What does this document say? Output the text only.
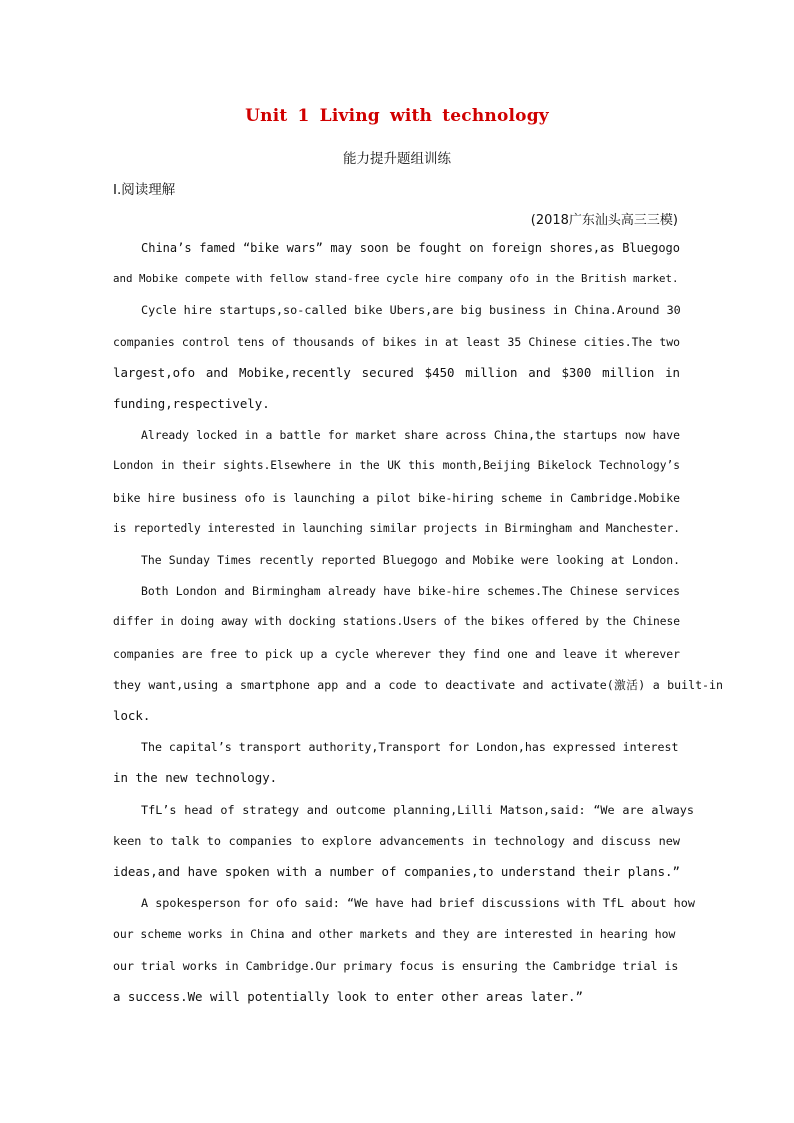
Unit 1 Living with technology
能力提升题组训练
Ⅰ.阅读理解
(2018广东汕头高三三模)
China’s famed “bike wars” may soon be fought on foreign shores,as Bluegogo
and Mobike compete with fellow stand-free cycle hire company ofo in the British market.
Cycle hire startups,so-called bike Ubers,are big business in China.Around 30
companies control tens of thousands of bikes in at least 35 Chinese cities.The two
largest,ofo and Mobike,recently secured $450 million and $300 million in
funding,respectively.
Already locked in a battle for market share across China,the startups now have
London in their sights.Elsewhere in the UK this month,Beijing Bikelock Technology’s
bike hire business ofo is launching a pilot bike-hiring scheme in Cambridge.Mobike
is reportedly interested in launching similar projects in Birmingham and Manchester.
The Sunday Times recently reported Bluegogo and Mobike were looking at London.
Both London and Birmingham already have bike-hire schemes.The Chinese services
differ in doing away with docking stations.Users of the bikes offered by the Chinese
companies are free to pick up a cycle wherever they find one and leave it wherever
they want,using a smartphone app and a code to deactivate and activate(激活) a built-in
lock.
The capital’s transport authority,Transport for London,has expressed interest
in the new technology.
TfL’s head of strategy and outcome planning,Lilli Matson,said: “We are always
keen to talk to companies to explore advancements in technology and discuss new
ideas,and have spoken with a number of companies,to understand their plans.”
A spokesperson for ofo said: “We have had brief discussions with TfL about how
our scheme works in China and other markets and they are interested in hearing how
our trial works in Cambridge.Our primary focus is ensuring the Cambridge trial is
a success.We will potentially look to enter other areas later.”
